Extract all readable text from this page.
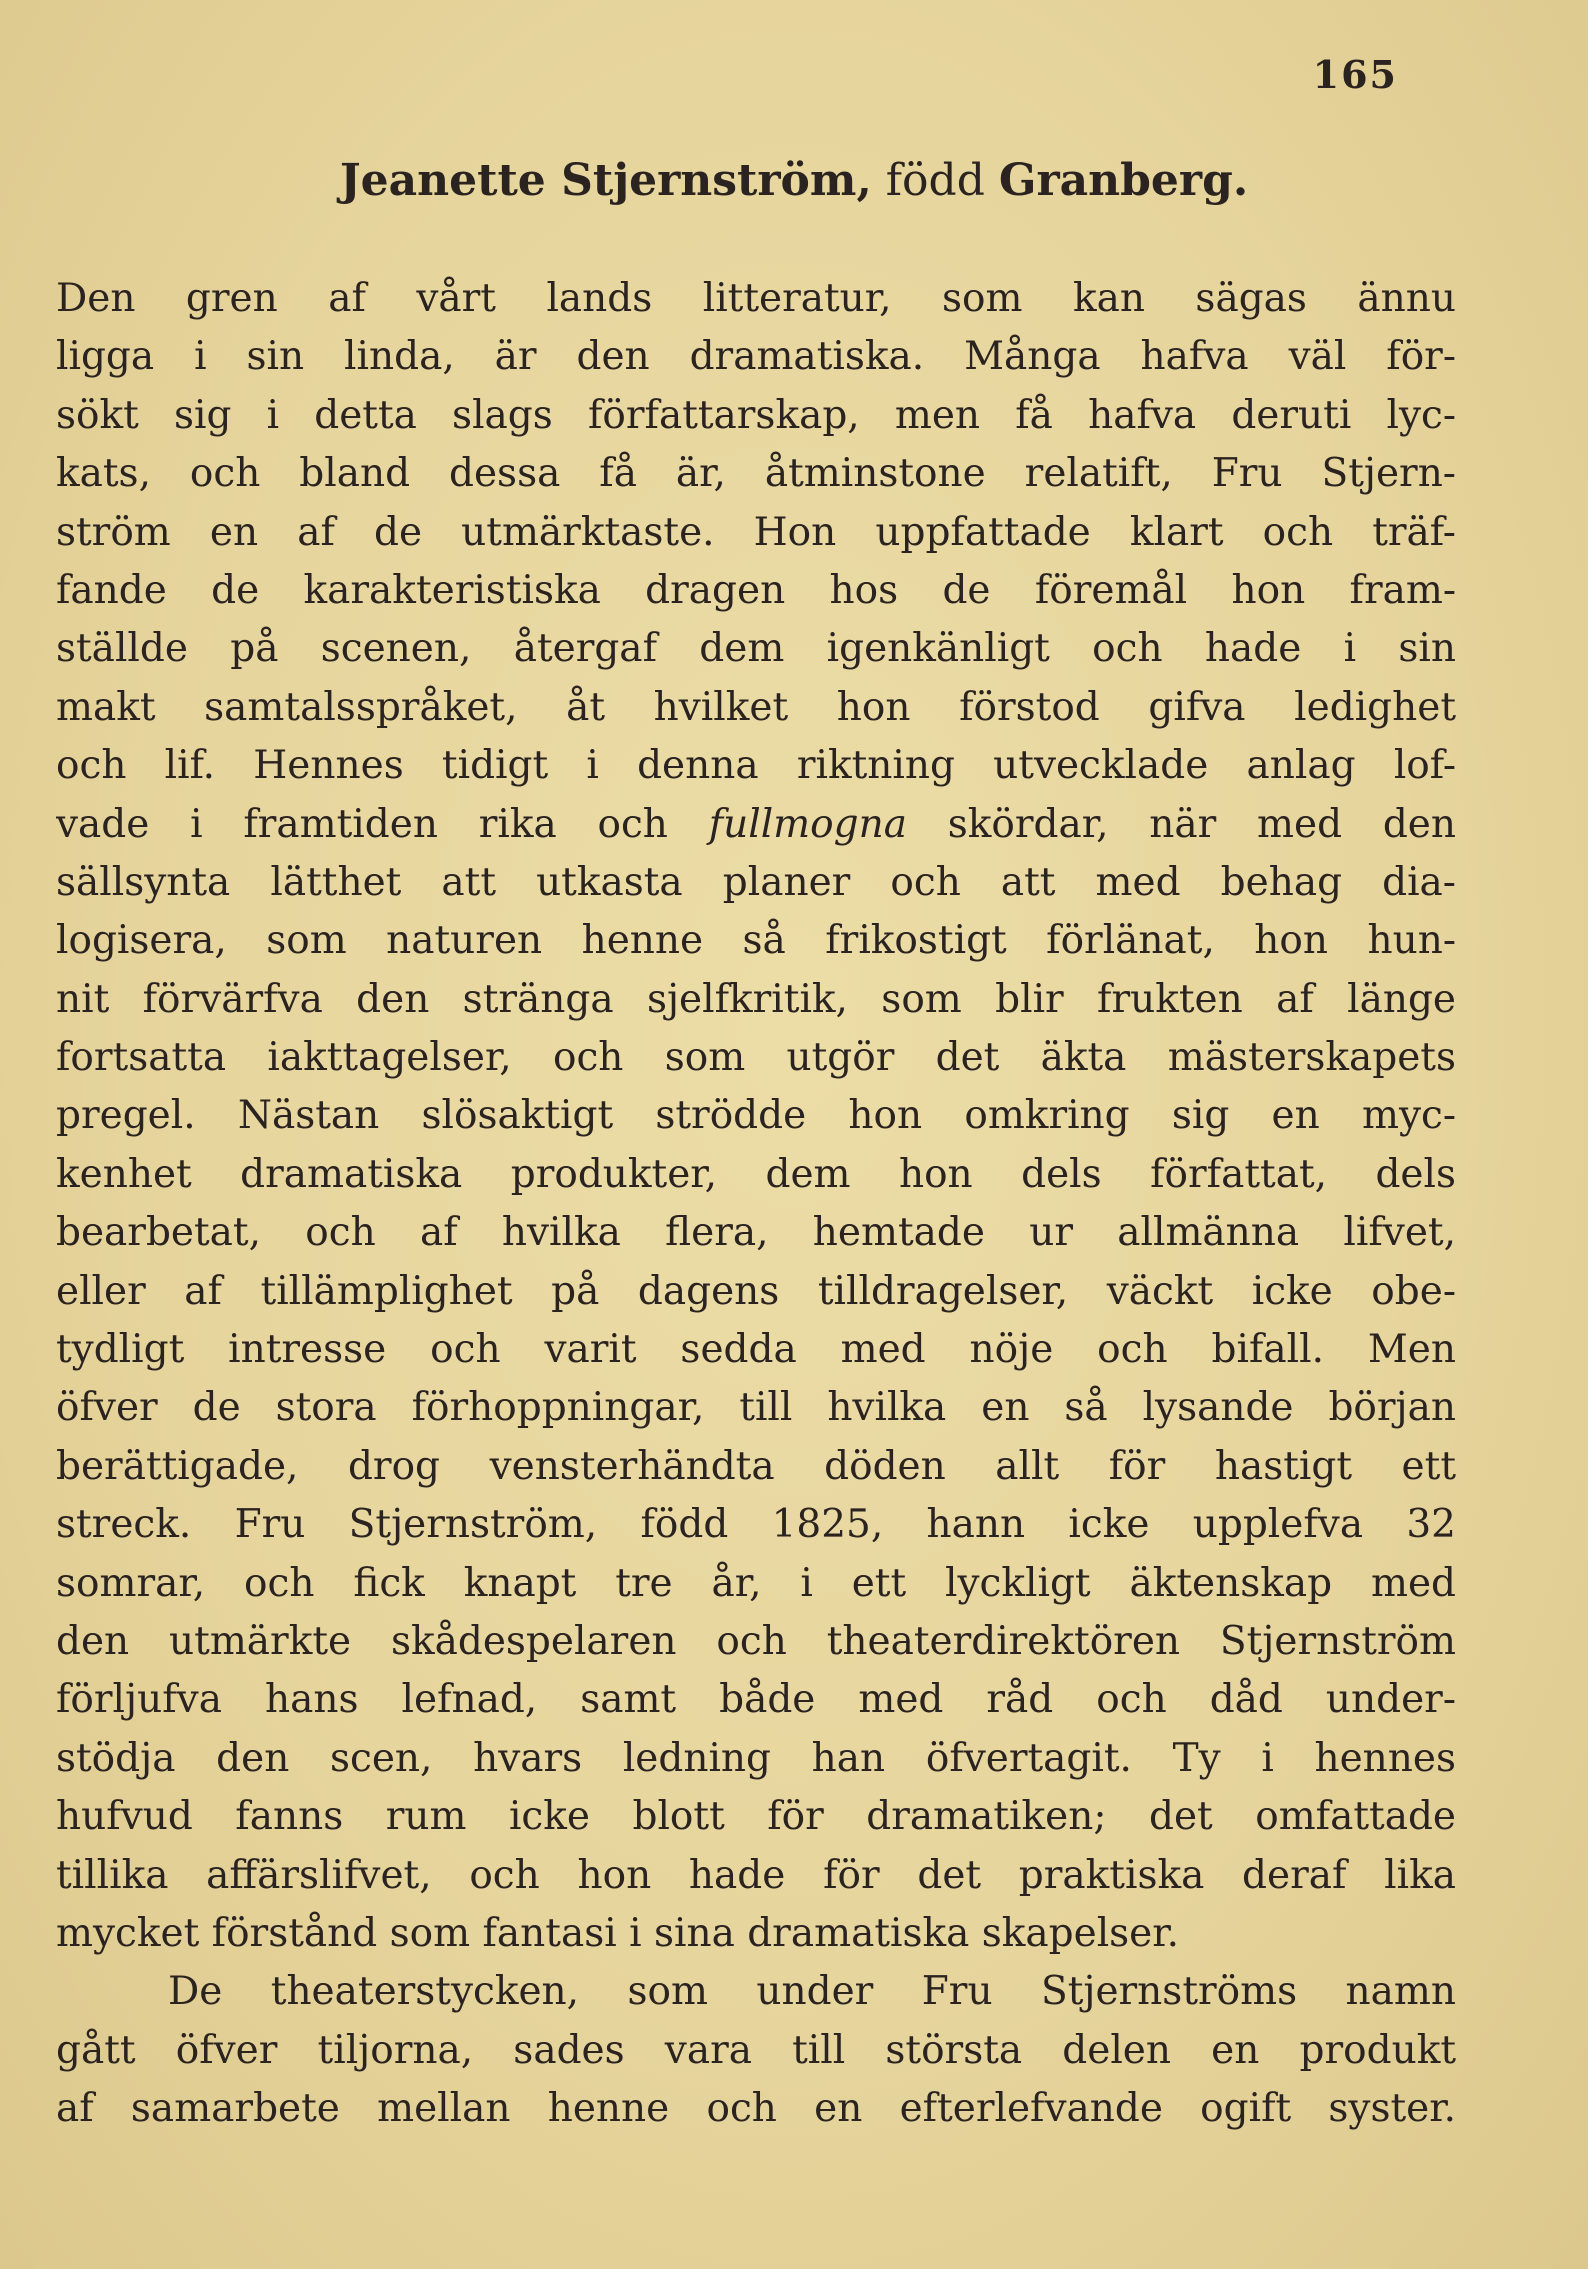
165
Jeanette Stjernström, född Granberg.
Den gren af vårt lands litteratur, som kan sägas ännu
ligga i sin linda, är den dramatiska. Många hafva väl för-
sökt sig i detta slags författarskap, men få hafva deruti lyc-
kats, och bland dessa få är, åtminstone relatift, Fru Stjern-
ström en af de utmärktaste. Hon uppfattade klart och träf-
fande de karakteristiska dragen hos de föremål hon fram-
ställde på scenen, återgaf dem igenkänligt och hade i sin
makt samtalsspråket, åt hvilket hon förstod gifva ledighet
och lif. Hennes tidigt i denna riktning utvecklade anlag lof-
vade i framtiden rika och fullmogna skördar, när med den
sällsynta lätthet att utkasta planer och att med behag dia-
logisera, som naturen henne så frikostigt förlänat, hon hun-
nit förvärfva den stränga sjelfkritik, som blir frukten af länge
fortsatta iakttagelser, och som utgör det äkta mästerskapets
pregel. Nästan slösaktigt strödde hon omkring sig en myc-
kenhet dramatiska produkter, dem hon dels författat, dels
bearbetat, och af hvilka flera, hemtade ur allmänna lifvet,
eller af tillämplighet på dagens tilldragelser, väckt icke obe-
tydligt intresse och varit sedda med nöje och bifall. Men
öfver de stora förhoppningar, till hvilka en så lysande början
berättigade, drog vensterhändta döden allt för hastigt ett
streck. Fru Stjernström, född 1825, hann icke upplefva 32
somrar, och fick knapt tre år, i ett lyckligt äktenskap med
den utmärkte skådespelaren och theaterdirektören Stjernström
förljufva hans lefnad, samt både med råd och dåd under-
stödja den scen, hvars ledning han öfvertagit. Ty i hennes
hufvud fanns rum icke blott för dramatiken; det omfattade
tillika affärslifvet, och hon hade för det praktiska deraf lika
mycket förstånd som fantasi i sina dramatiska skapelser.
De theaterstycken, som under Fru Stjernströms namn
gått öfver tiljorna, sades vara till största delen en produkt
af samarbete mellan henne och en efterlefvande ogift syster.
